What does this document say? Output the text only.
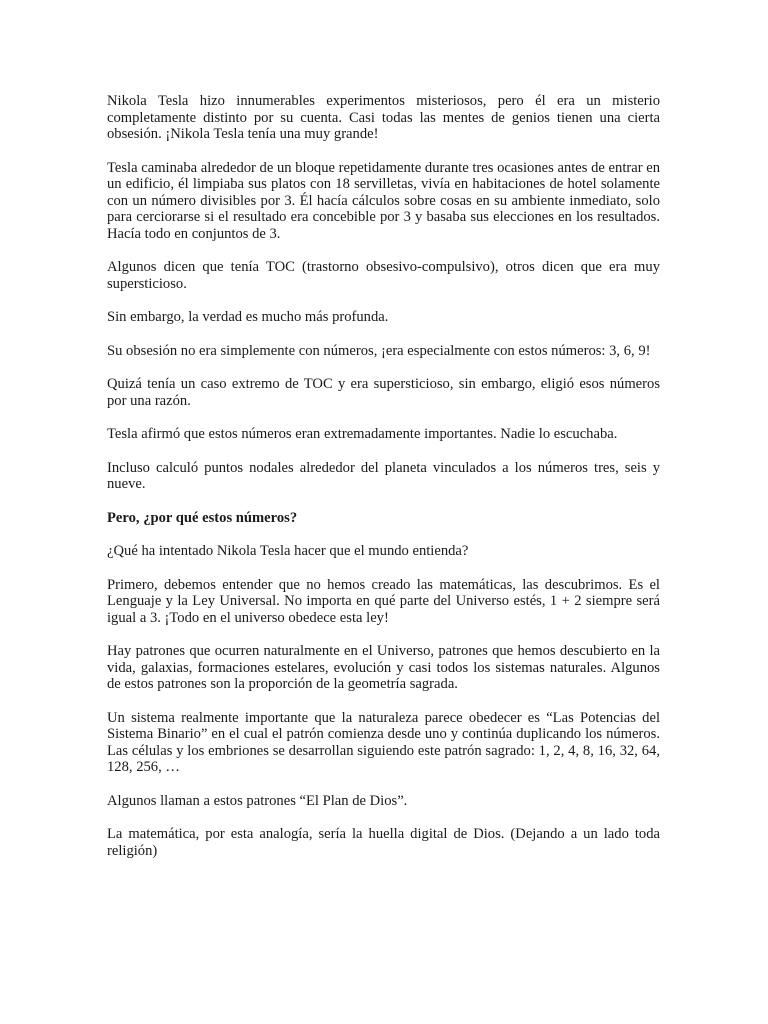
Nikola Tesla hizo innumerables experimentos misteriosos, pero él era un misterio completamente distinto por su cuenta. Casi todas las mentes de genios tienen una cierta obsesión. ¡Nikola Tesla tenía una muy grande!

Tesla caminaba alrededor de un bloque repetidamente durante tres ocasiones antes de entrar en un edificio, él limpiaba sus platos con 18 servilletas, vivía en habitaciones de hotel solamente con un número divisibles por 3. Él hacía cálculos sobre cosas en su ambiente inmediato, solo para cerciorarse si el resultado era concebible por 3 y basaba sus elecciones en los resultados. Hacía todo en conjuntos de 3.

Algunos dicen que tenía TOC (trastorno obsesivo-compulsivo), otros dicen que era muy supersticioso.

Sin embargo, la verdad es mucho más profunda.

Su obsesión no era simplemente con números, ¡era especialmente con estos números: 3, 6, 9!

Quizá tenía un caso extremo de TOC y era supersticioso, sin embargo, eligió esos números por una razón.

Tesla afirmó que estos números eran extremadamente importantes. Nadie lo escuchaba.

Incluso calculó puntos nodales alrededor del planeta vinculados a los números tres, seis y nueve.

Pero, ¿por qué estos números?

¿Qué ha intentado Nikola Tesla hacer que el mundo entienda?

Primero, debemos entender que no hemos creado las matemáticas, las descubrimos. Es el Lenguaje y la Ley Universal. No importa en qué parte del Universo estés, 1 + 2 siempre será igual a 3. ¡Todo en el universo obedece esta ley!

Hay patrones que ocurren naturalmente en el Universo, patrones que hemos descubierto en la vida, galaxias, formaciones estelares, evolución y casi todos los sistemas naturales. Algunos de estos patrones son la proporción de la geometría sagrada.

Un sistema realmente importante que la naturaleza parece obedecer es “Las Potencias del Sistema Binario” en el cual el patrón comienza desde uno y continúa duplicando los números. Las células y los embriones se desarrollan siguiendo este patrón sagrado: 1, 2, 4, 8, 16, 32, 64, 128, 256, …

Algunos llaman a estos patrones “El Plan de Dios”.

La matemática, por esta analogía, sería la huella digital de Dios. (Dejando a un lado toda religión)
